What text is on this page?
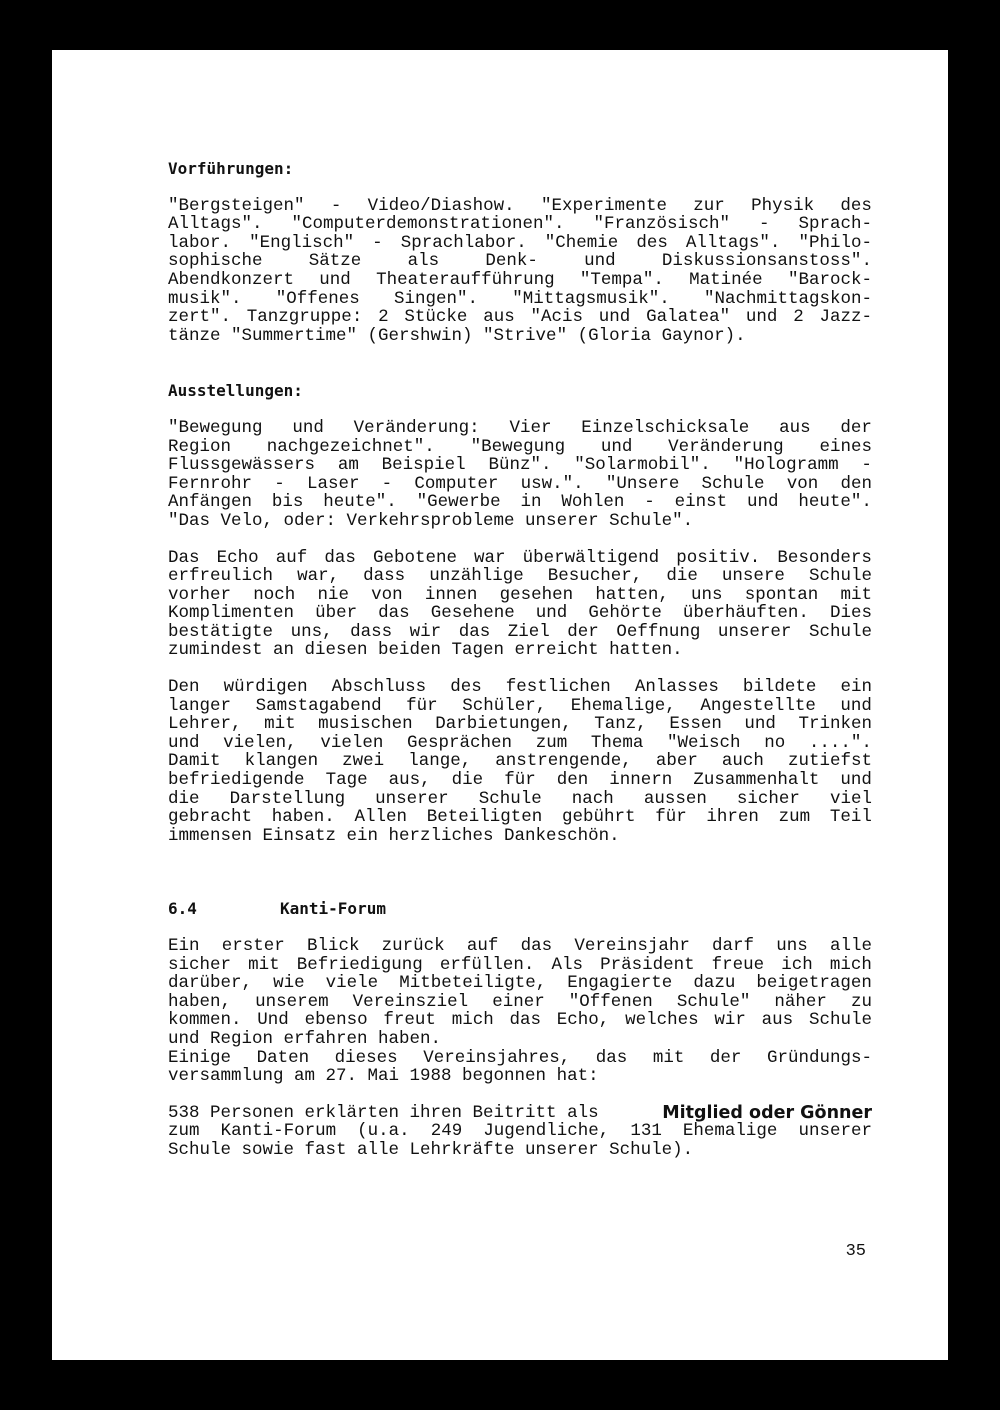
Vorführungen:

"Bergsteigen" - Video/Diashow. "Experimente zur Physik des
Alltags". "Computerdemonstrationen". "Französisch" - Sprach-
labor. "Englisch" - Sprachlabor. "Chemie des Alltags". "Philo-
sophische	Sätze	als	Denk-	und	Diskussionsanstoss".
Abendkonzert und Theateraufführung "Tempa". Matinée "Barock-
musik". "Offenes Singen". "Mittagsmusik". "Nachmittagskon-
zert". Tanzgruppe: 2 Stücke aus "Acis und Galatea" und 2 Jazz-
tänze "Summertime" (Gershwin) "Strive" (Gloria Gaynor).

Ausstellungen:

"Bewegung und Veränderung: Vier Einzelschicksale aus der
Region nachgezeichnet". "Bewegung und Veränderung eines
Flussgewässers am Beispiel Bünz". "Solarmobil". "Hologramm -
Fernrohr - Laser - Computer usw.". "Unsere Schule von den
Anfängen bis heute". "Gewerbe in Wohlen - einst und heute".
"Das Velo, oder: Verkehrsprobleme unserer Schule".
Das Echo auf das Gebotene war überwältigend positiv. Besonders
erfreulich war, dass unzählige Besucher, die unsere Schule
vorher noch nie von innen gesehen hatten, uns spontan mit
Komplimenten über das Gesehene und Gehörte überhäuften. Dies
bestätigte uns, dass wir das Ziel der Oeffnung unserer Schule
zumindest an diesen beiden Tagen erreicht hatten.
Den würdigen Abschluss des festlichen Anlasses bildete ein
langer Samstagabend für Schüler, Ehemalige, Angestellte und
Lehrer, mit musischen Darbietungen, Tanz, Essen und Trinken
und vielen, vielen Gesprächen zum Thema "Weisch no ....".
Damit klangen zwei lange, anstrengende, aber auch zutiefst
befriedigende Tage aus, die für den innern Zusammenhalt und
die Darstellung unserer Schule nach aussen sicher viel
gebracht haben. Allen Beteiligten gebührt für ihren zum Teil
immensen Einsatz ein herzliches Dankeschön.

6.4	Kanti-Forum

Ein erster Blick zurück auf das Vereinsjahr darf uns alle
sicher mit Befriedigung erfüllen. Als Präsident freue ich mich
darüber, wie viele Mitbeteiligte, Engagierte dazu beigetragen
haben, unserem Vereinsziel einer "Offenen Schule" näher zu
kommen. Und ebenso freut mich das Echo, welches wir aus Schule
und Region erfahren haben.
Einige Daten dieses Vereinsjahres, das mit der Gründungs-
versammlung am 27. Mai 1988 begonnen hat:
538 Personen erklärten ihren Beitritt als	Mitglied oder Gönner
zum Kanti-Forum (u.a. 249 Jugendliche, 131 Ehemalige unserer
Schule sowie fast alle Lehrkräfte unserer Schule).
35
